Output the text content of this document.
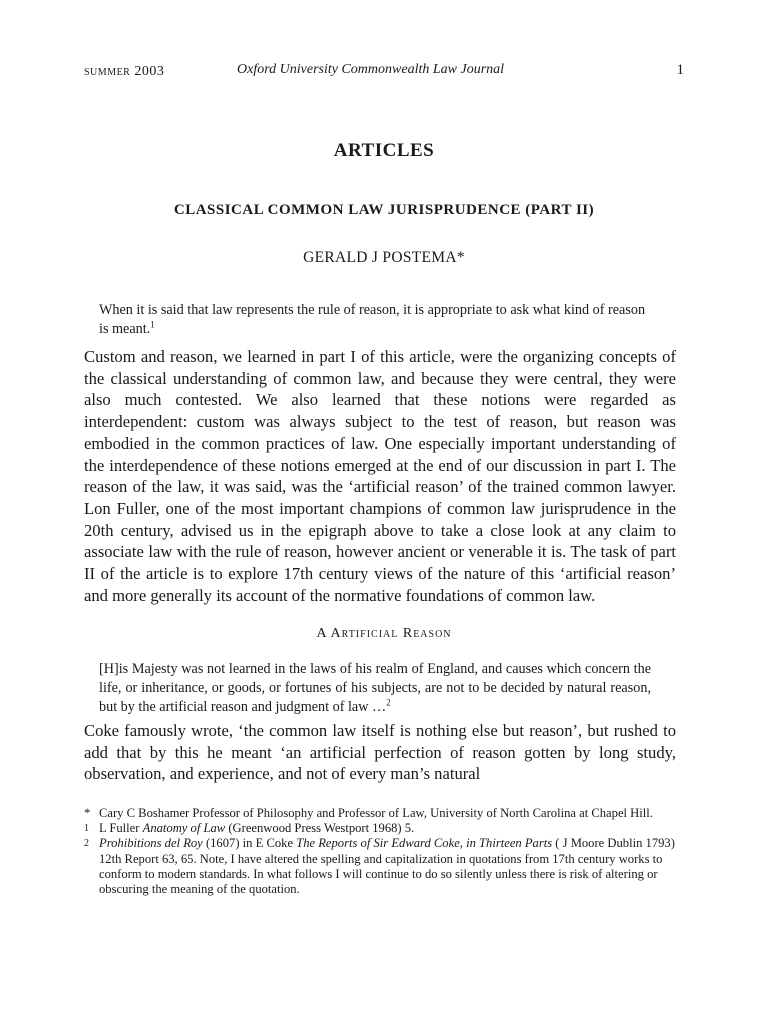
summer 2003	Oxford University Commonwealth Law Journal	1
ARTICLES
CLASSICAL COMMON LAW JURISPRUDENCE (PART II)
GERALD J POSTEMA*
When it is said that law represents the rule of reason, it is appropriate to ask what kind of reason is meant.$^1$
Custom and reason, we learned in part I of this article, were the organizing concepts of the classical understanding of common law, and because they were central, they were also much contested. We also learned that these notions were regarded as interdependent: custom was always subject to the test of reason, but reason was embodied in the common practices of law. One especially important understanding of the interdependence of these notions emerged at the end of our discussion in part I. The reason of the law, it was said, was the ‘artificial reason’ of the trained common lawyer. Lon Fuller, one of the most important champions of common law jurisprudence in the 20th century, advised us in the epigraph above to take a close look at any claim to associate law with the rule of reason, however ancient or venerable it is. The task of part II of the article is to explore 17th century views of the nature of this ‘artificial reason’ and more generally its account of the normative foundations of common law.
A Artificial Reason
[H]is Majesty was not learned in the laws of his realm of England, and causes which concern the life, or inheritance, or goods, or fortunes of his subjects, are not to be decided by natural reason, but by the artificial reason and judgment of law …$^2$
Coke famously wrote, ‘the common law itself is nothing else but reason’, but rushed to add that by this he meant ‘an artificial perfection of reason gotten by long study, observation, and experience, and not of every man’s natural
* Cary C Boshamer Professor of Philosophy and Professor of Law, University of North Carolina at Chapel Hill.
1 L Fuller Anatomy of Law (Greenwood Press Westport 1968) 5.
2 Prohibitions del Roy (1607) in E Coke The Reports of Sir Edward Coke, in Thirteen Parts ( J Moore Dublin 1793) 12th Report 63, 65. Note, I have altered the spelling and capitalization in quotations from 17th century works to conform to modern standards. In what follows I will continue to do so silently unless there is risk of altering or obscuring the meaning of the quotation.
